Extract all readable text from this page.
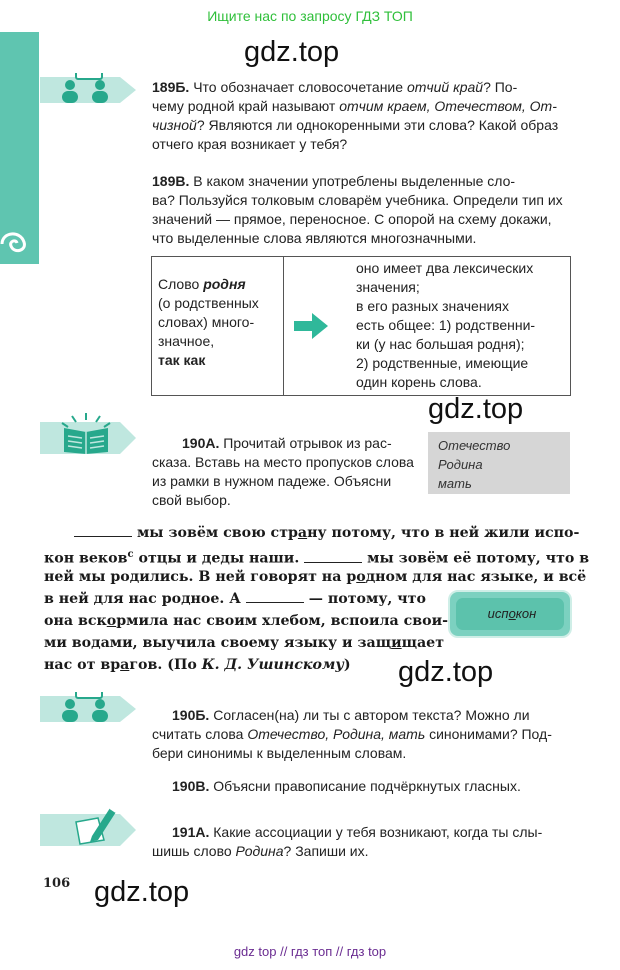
Ищите нас по запросу ГДЗ ТОП
gdz.top
gdz.top
gdz.top
gdz.top
189Б. Что обозначает словосочетание отчий край? По-
чему родной край называют отчим краем, Отечеством, От-
чизной? Являются ли однокоренными эти слова? Какой образ
отчего края возникает у тебя?
189В. В каком значении употреблены выделенные сло-
ва? Пользуйся толковым словарём учебника. Определи тип их
значений — прямое, переносное. С опорой на схему докажи,
что выделенные слова являются многозначными.
Слово родня
(о родственных
словах) много-
значное,
так как
оно имеет два лексических
значения;
в его разных значениях
есть общее: 1) родственни-
ки (у нас большая родня);
2) родственные, имеющие
один корень слова.
190А. Прочитай отрывок из рас-
сказа. Вставь на место пропусков слова
из рамки в нужном падеже. Объясни
свой выбор.
Отечество
Родина
мать
мы зовём свою страну потому, что в ней жили испо-
кон веков$^с$ отцы и деды наши.	мы зовём её потому, что в
ней мы родились. В ней говорят на родном для нас языке, и всё
в ней для нас родное. А	— потому, что
она вскормила нас своим хлебом, вспоила свои-
ми водами, выучила своему языку и защищает
нас от врагов. (По К. Д. Ушинскому)
испокон
190Б. Согласен(на) ли ты с автором текста? Можно ли
считать слова Отечество, Родина, мать синонимами? Под-
бери синонимы к выделенным словам.
190В. Объясни правописание подчёркнутых гласных.
191А. Какие ассоциации у тебя возникают, когда ты слы-
шишь слово Родина? Запиши их.
106
gdz top // гдз топ // гдз top
